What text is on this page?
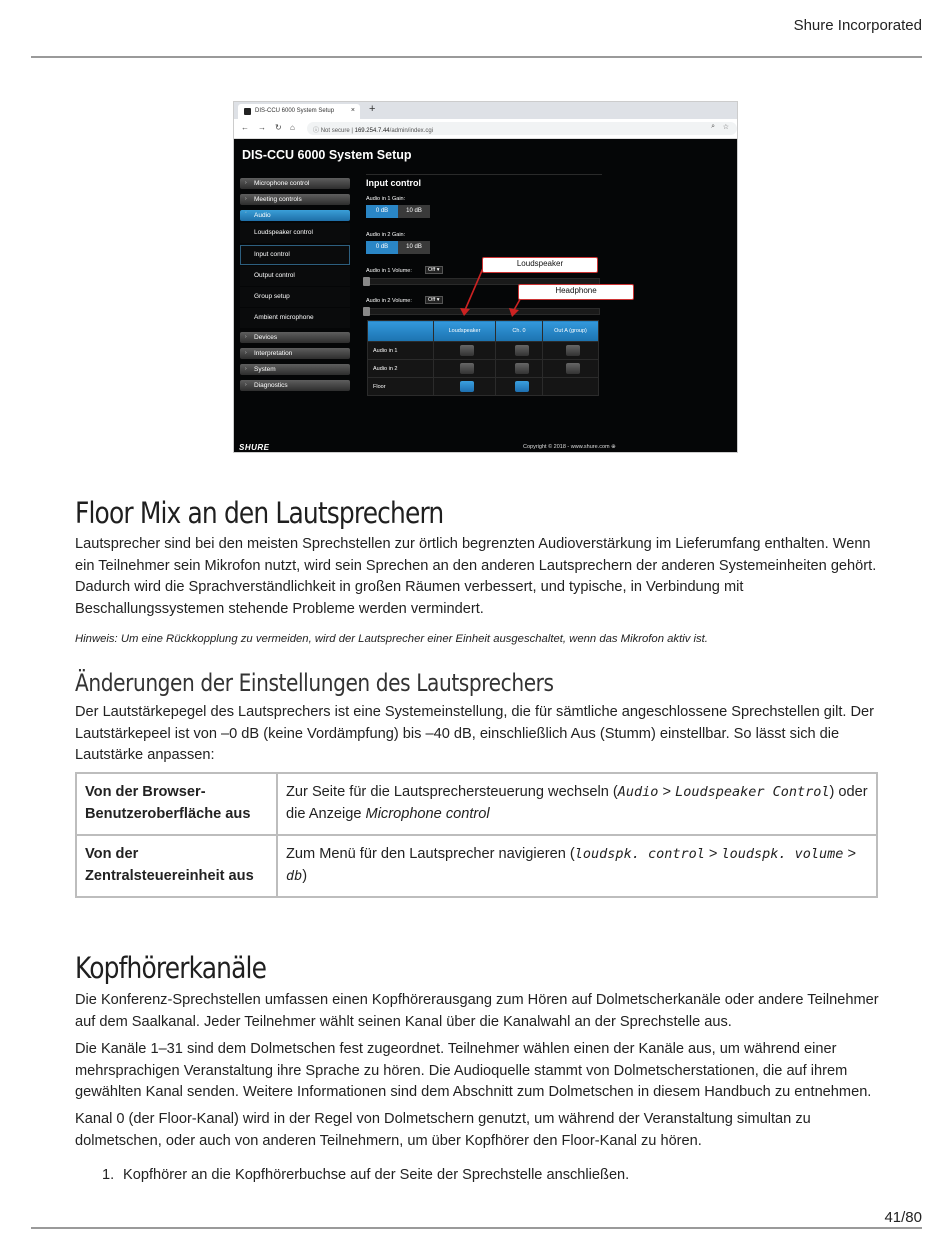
Shure Incorporated
DIS-CCU 6000 System Setup × +
← → ↻ ⌂	ⓘ Not secure | 169.254.7.44/admin/index.cgi
⌕ ☆
DIS-CCU 6000 System Setup
› Microphone control
› Meeting controls
ˇ Audio
Loudspeaker control
Input control
Output control
Group setup
Ambient microphone
› Devices
› Interpretation
› System
› Diagnostics
Input control
Audio in 1 Gain:
0 dB	10 dB
Audio in 2 Gain:
0 dB	10 dB
Audio in 1 Volume:	Off ▾
Audio in 2 Volume:	Off ▾
	Loudspeaker	Ch. 0	Out A (group)
Audio in 1	

Audio in 2	

Floor	

Loudspeaker
Headphone
SHURE	Copyright © 2018 - www.shure.com ⊕
Floor Mix an den Lautsprechern

Lautsprecher sind bei den meisten Sprechstellen zur örtlich begrenzten Audioverstärkung im Lieferumfang enthalten. Wenn ein Teilnehmer sein Mikrofon nutzt, wird sein Sprechen an den anderen Lautsprechern der anderen Systemeinheiten gehört. Dadurch wird die Sprachverständlichkeit in großen Räumen verbessert, und typische, in Verbindung mit Beschallungssystemen stehende Probleme werden vermindert.

Hinweis: Um eine Rückkopplung zu vermeiden, wird der Lautsprecher einer Einheit ausgeschaltet, wenn das Mikrofon aktiv ist.

Änderungen der Einstellungen des Lautsprechers

Der Lautstärkepegel des Lautsprechers ist eine Systemeinstellung, die für sämtliche angeschlossene Sprechstellen gilt. Der Lautstärkepeel ist von –0 dB (keine Vordämpfung) bis –40 dB, einschließlich Aus (Stumm) einstellbar. So lässt sich die Lautstärke anpassen:

Von der Browser-Benutzeroberfläche aus	Zur Seite für die Lautsprechersteuerung wechseln (Audio > Loudspeaker Control) oder die Anzeige Microphone control
Von der Zentralsteuereinheit aus	Zum Menü für den Lautsprecher navigieren (loudspk. control > loudspk. volume > db)
Kopfhörerkanäle

Die Konferenz-Sprechstellen umfassen einen Kopfhörerausgang zum Hören auf Dolmetscherkanäle oder andere Teilnehmer auf dem Saalkanal. Jeder Teilnehmer wählt seinen Kanal über die Kanalwahl an der Sprechstelle aus.

Die Kanäle 1–31 sind dem Dolmetschen fest zugeordnet. Teilnehmer wählen einen der Kanäle aus, um während einer mehrsprachigen Veranstaltung ihre Sprache zu hören. Die Audioquelle stammt von Dolmetscherstationen, die auf ihrem gewählten Kanal senden. Weitere Informationen sind dem Abschnitt zum Dolmetschen in diesem Handbuch zu entnehmen.

Kanal 0 (der Floor-Kanal) wird in der Regel von Dolmetschern genutzt, um während der Veranstaltung simultan zu dolmetschen, oder auch von anderen Teilnehmern, um über Kopfhörer den Floor-Kanal zu hören.

1. Kopfhörer an die Kopfhörerbuchse auf der Seite der Sprechstelle anschließen.
41/80
